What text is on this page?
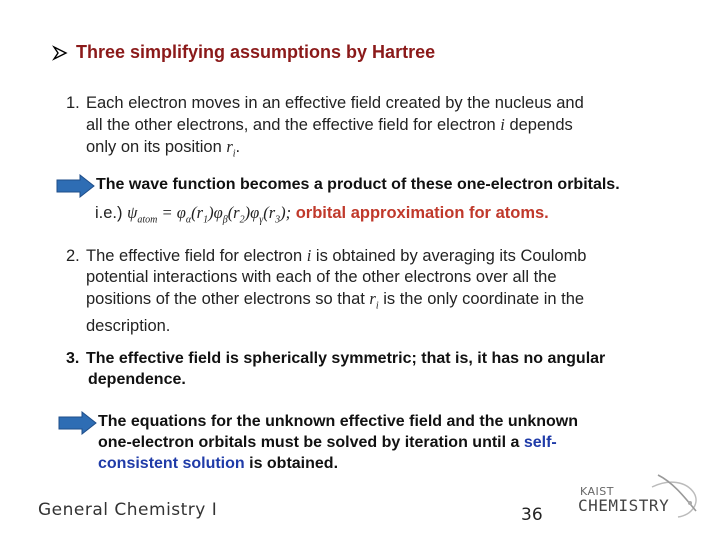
Three simplifying assumptions by Hartree
1. Each electron moves in an effective field created by the nucleus and
all the other electrons, and the effective field for electron i depends
only on its position $r_i$.
The wave function becomes a product of these one-electron orbitals.
i.e.) $\psi_{atom} = \varphi_\alpha(r_1)\varphi_\beta(r_2)\varphi_\gamma(r_3)$; orbital approximation for atoms.
2. The effective field for electron i is obtained by averaging its Coulomb
potential interactions with each of the other electrons over all the
positions of the other electrons so that $r_i$ is the only coordinate in the
description.
3. The effective field is spherically symmetric; that is, it has no angular
dependence.
The equations for the unknown effective field and the unknown
one-electron orbitals must be solved by iteration until a self-
consistent solution is obtained.
General Chemistry I	36
KAIST
CHEMISTRY
